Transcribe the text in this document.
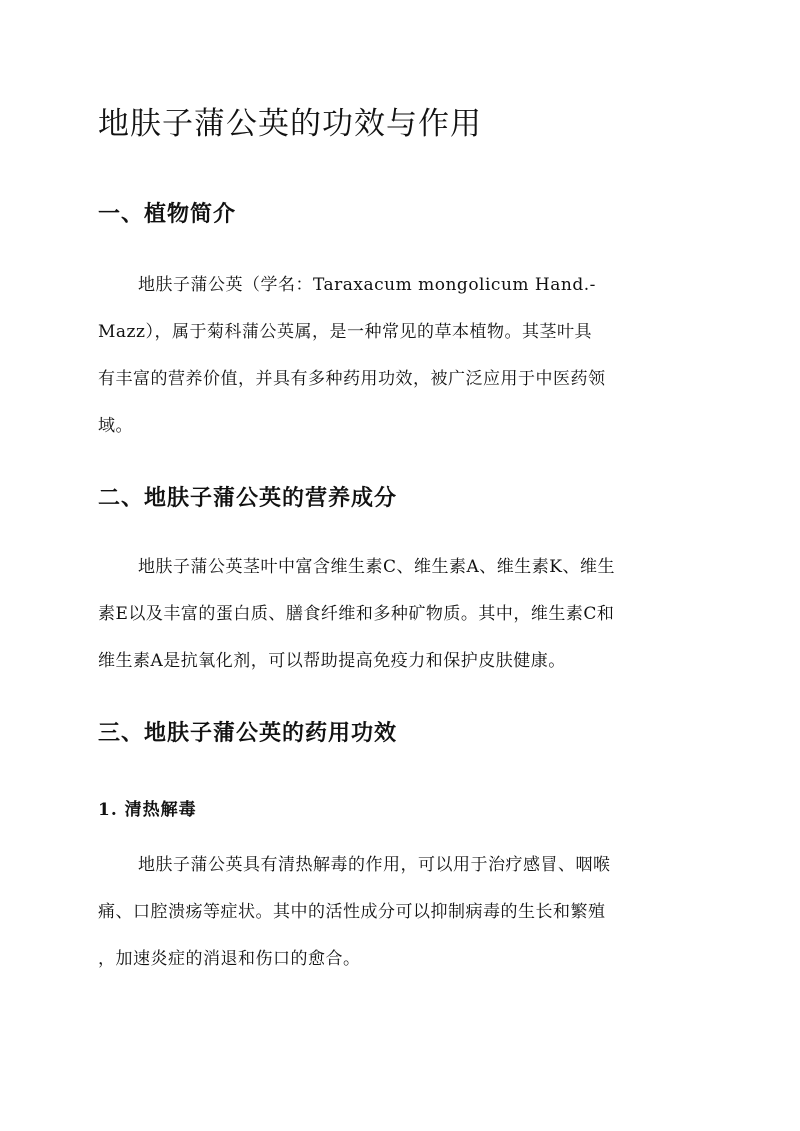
地肤子蒲公英的功效与作用
一、植物简介

地肤子蒲公英（学名：Taraxacum mongolicum Hand.-
Mazz），属于菊科蒲公英属，是一种常见的草本植物。其茎叶具
有丰富的营养价值，并具有多种药用功效，被广泛应用于中医药领
域。

二、地肤子蒲公英的营养成分

地肤子蒲公英茎叶中富含维生素C、维生素A、维生素K、维生
素E以及丰富的蛋白质、膳食纤维和多种矿物质。其中，维生素C和
维生素A是抗氧化剂，可以帮助提高免疫力和保护皮肤健康。

三、地肤子蒲公英的药用功效
1. 清热解毒

地肤子蒲公英具有清热解毒的作用，可以用于治疗感冒、咽喉
痛、口腔溃疡等症状。其中的活性成分可以抑制病毒的生长和繁殖
，加速炎症的消退和伤口的愈合。
